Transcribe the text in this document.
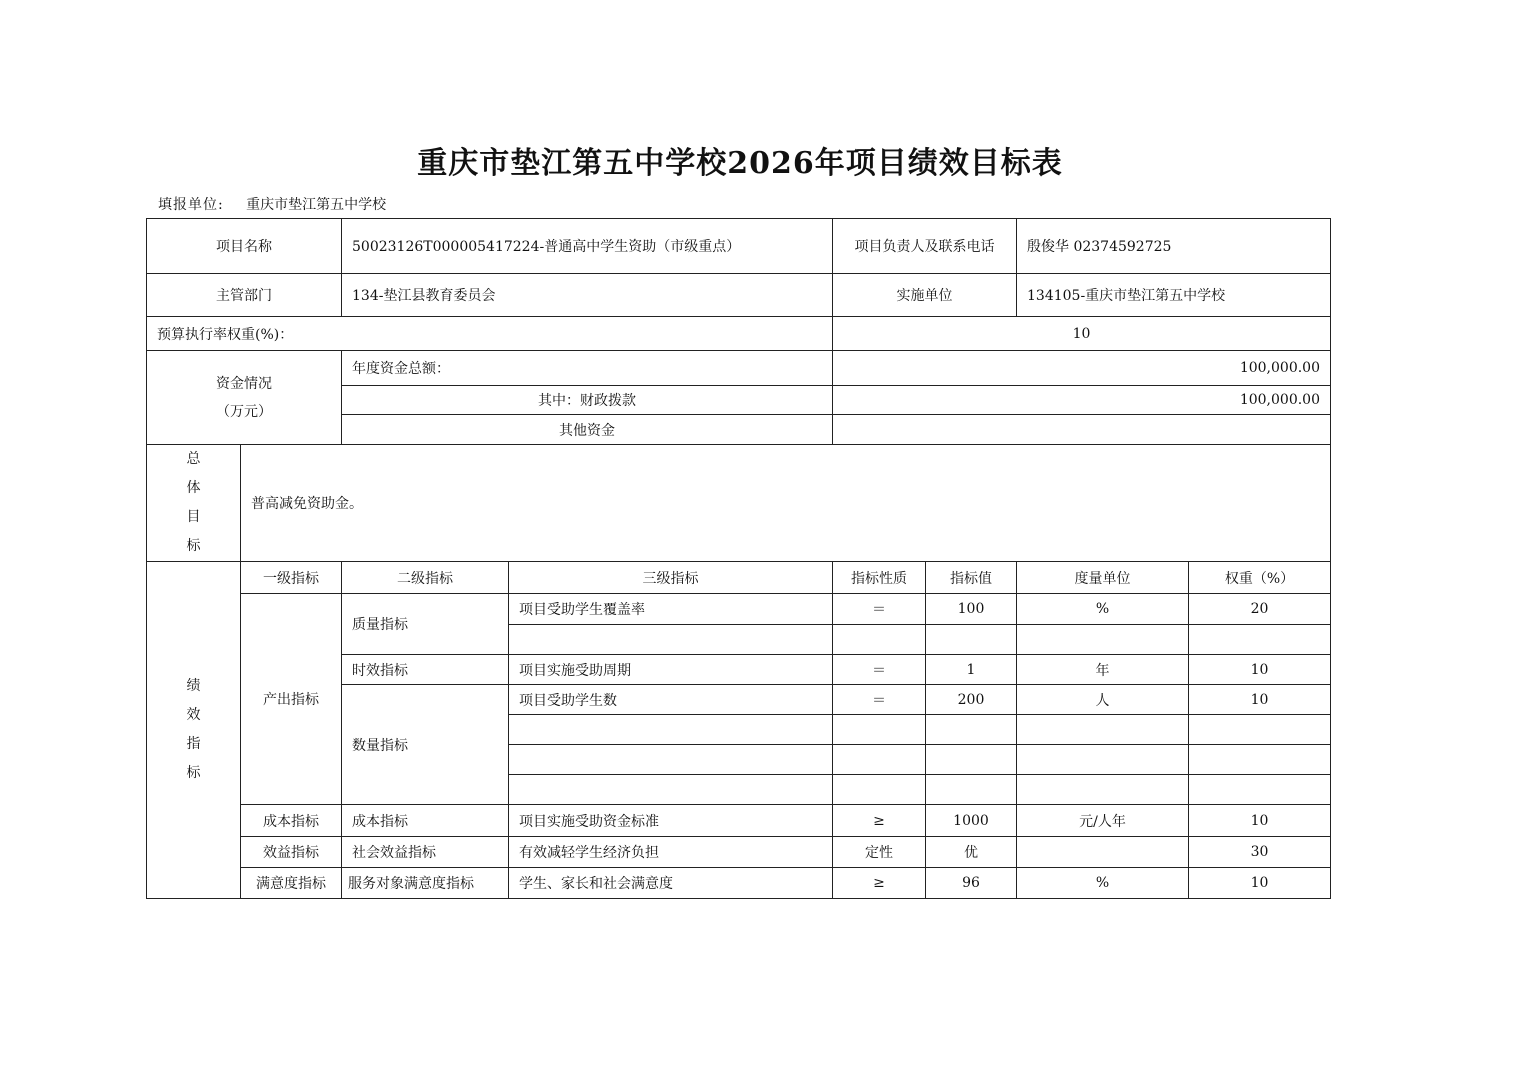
重庆市垫江第五中学校2026年项目绩效目标表
填报单位: 重庆市垫江第五中学校
项目名称		50023126T000005417224-普通高中学生资助（市级重点）		项目负责人及联系电话		殷俊华 02374592725	
主管部门		134-垫江县教育委员会		实施单位		134105-重庆市垫江第五中学校	
预算执行率权重(%)：				10			

资金情况
（万元）		年度资金总额：		100,000.00			
		其中：财政拨款		100,000.00			
		其他资金					

总
体
目
标	普高减免资助金。						

绩
效
指
标	一级指标	二级指标	三级指标	指标性质	指标值	度量单位	权重（%）
	产出指标	质量指标	项目受助学生覆盖率	＝	100	%	20

		时效指标	项目实施受助周期	＝	1	年	10
		数量指标	项目受助学生数	＝	200	人	10

	成本指标	成本指标	项目实施受助资金标准	≥	1000	元/人年	10
	效益指标	社会效益指标	有效减轻学生经济负担	定性	优		30
	满意度指标	服务对象满意度指标	学生、家长和社会满意度	≥	96	%	10
